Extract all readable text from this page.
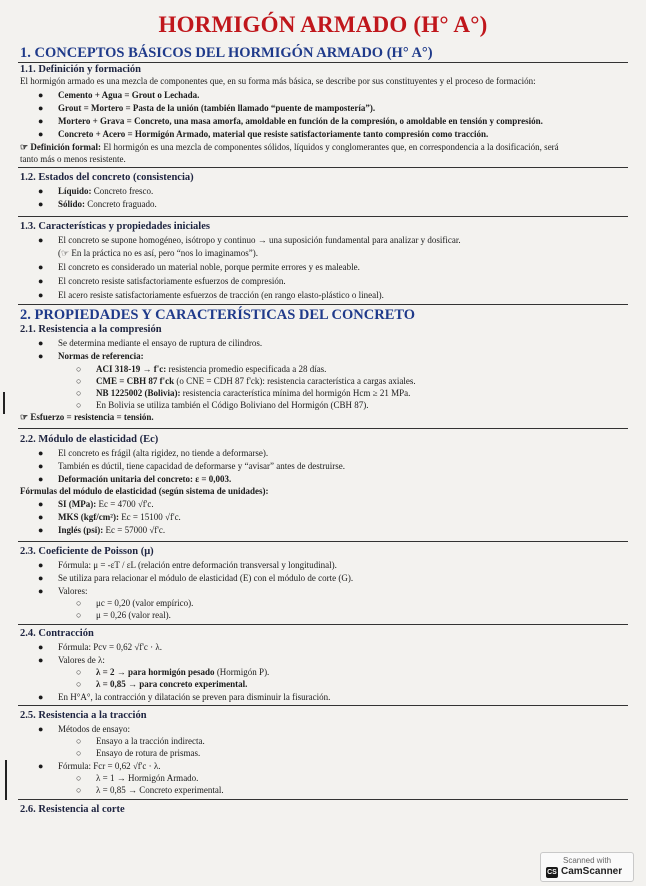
HORMIGÓN ARMADO (H° A°)
1. CONCEPTOS BÁSICOS DEL HORMIGÓN ARMADO (H° A°)
1.1. Definición y formación
El hormigón armado es una mezcla de componentes que, en su forma más básica, se describe por sus constituyentes y el proceso de formación:
● Cemento + Agua = Grout o Lechada.
● Grout = Mortero = Pasta de la unión (también llamado “puente de mampostería”).
● Mortero + Grava = Concreto, una masa amorfa, amoldable en función de la compresión, o amoldable en tensión y compresión.
● Concreto + Acero = Hormigón Armado, material que resiste satisfactoriamente tanto compresión como tracción.
☞ Definición formal: El hormigón es una mezcla de componentes sólidos, líquidos y conglomerantes que, en correspondencia a la dosificación, será
tanto más o menos resistente.
1.2. Estados del concreto (consistencia)
● Líquido: Concreto fresco.
● Sólido: Concreto fraguado.
1.3. Características y propiedades iniciales
● El concreto se supone homogéneo, isótropo y continuo → una suposición fundamental para analizar y dosificar.
(☞ En la práctica no es así, pero “nos lo imaginamos”).
● El concreto es considerado un material noble, porque permite errores y es maleable.
● El concreto resiste satisfactoriamente esfuerzos de compresión.
● El acero resiste satisfactoriamente esfuerzos de tracción (en rango elasto-plástico o lineal).
2. PROPIEDADES Y CARACTERÍSTICAS DEL CONCRETO
2.1. Resistencia a la compresión
● Se determina mediante el ensayo de ruptura de cilindros.
● Normas de referencia:
○ ACI 318-19 → f'c: resistencia promedio especificada a 28 días.
○ CME = CBH 87 f'ck (o CNE = CDH 87 f'ck): resistencia característica a cargas axiales.
○ NB 1225002 (Bolivia): resistencia característica mínima del hormigón Hcm ≥ 21 MPa.
○ En Bolivia se utiliza también el Código Boliviano del Hormigón (CBH 87).
☞ Esfuerzo = resistencia = tensión.
2.2. Módulo de elasticidad (Ec)
● El concreto es frágil (alta rigidez, no tiende a deformarse).
● También es dúctil, tiene capacidad de deformarse y “avisar” antes de destruirse.
● Deformación unitaria del concreto: ε = 0,003.
Fórmulas del módulo de elasticidad (según sistema de unidades):
● SI (MPa): Ec = 4700 √f'c.
● MKS (kgf/cm²): Ec = 15100 √f'c.
● Inglés (psi): Ec = 57000 √f'c.
2.3. Coeficiente de Poisson (μ)
● Fórmula: μ = -εT / εL (relación entre deformación transversal y longitudinal).
● Se utiliza para relacionar el módulo de elasticidad (E) con el módulo de corte (G).
● Valores:
○ μc = 0,20 (valor empírico).
○ μ = 0,26 (valor real).
2.4. Contracción
● Fórmula: Pcv = 0,62 √f'c · λ.
● Valores de λ:
○ λ = 2 → para hormigón pesado (Hormigón P).
○ λ = 0,85 → para concreto experimental.
● En H°A°, la contracción y dilatación se preven para disminuir la fisuración.
2.5. Resistencia a la tracción
● Métodos de ensayo:
○ Ensayo a la tracción indirecta.
○ Ensayo de rotura de prismas.
● Fórmula: Fcr = 0,62 √f'c · λ.
○ λ = 1 → Hormigón Armado.
○ λ = 0,85 → Concreto experimental.
2.6. Resistencia al corte
Scanned with
CS CamScanner
